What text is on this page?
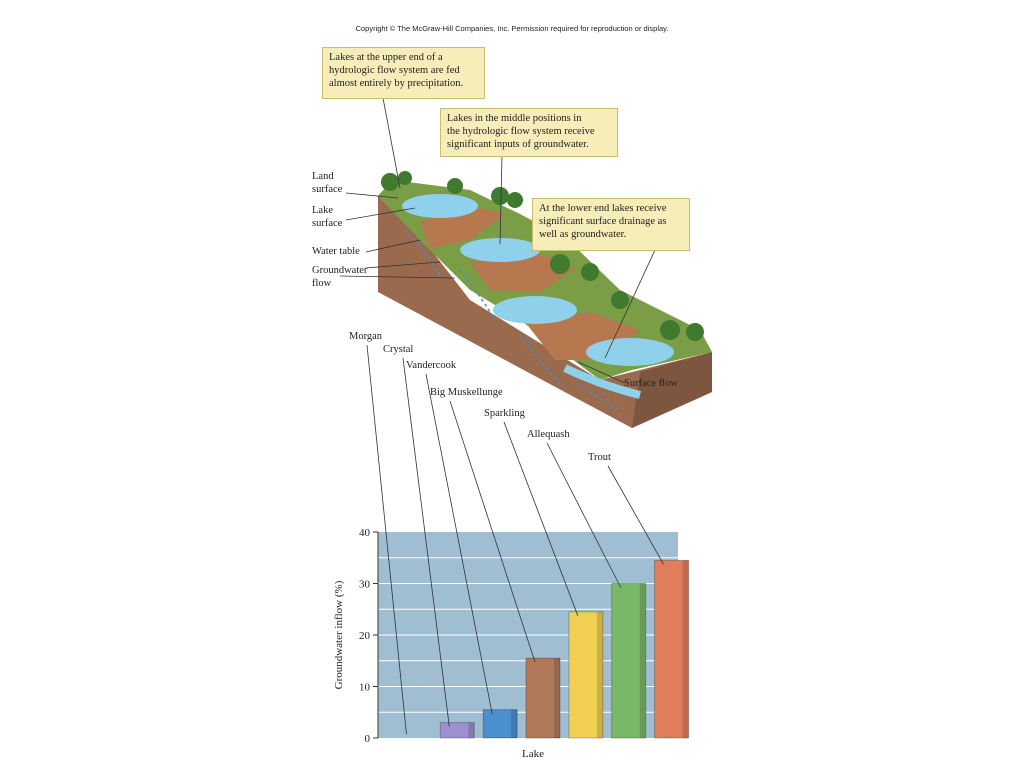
Copyright © The McGraw-Hill Companies, Inc. Permission required for reproduction or display.
Lakes at the upper end of a
hydrologic flow system are fed
almost entirely by precipitation.
Lakes in the middle positions in
the hydrologic flow system receive
significant inputs of groundwater.
At the lower end lakes receive
significant surface drainage as
well as groundwater.
Land
surface
Lake
surface
Water table
Groundwater
flow
Surface flow
Morgan
Crystal
Vandercook
Big Muskellunge
Sparkling
Allequash
Trout
0
10
20
30
40
Groundwater inflow (%)
Lake
